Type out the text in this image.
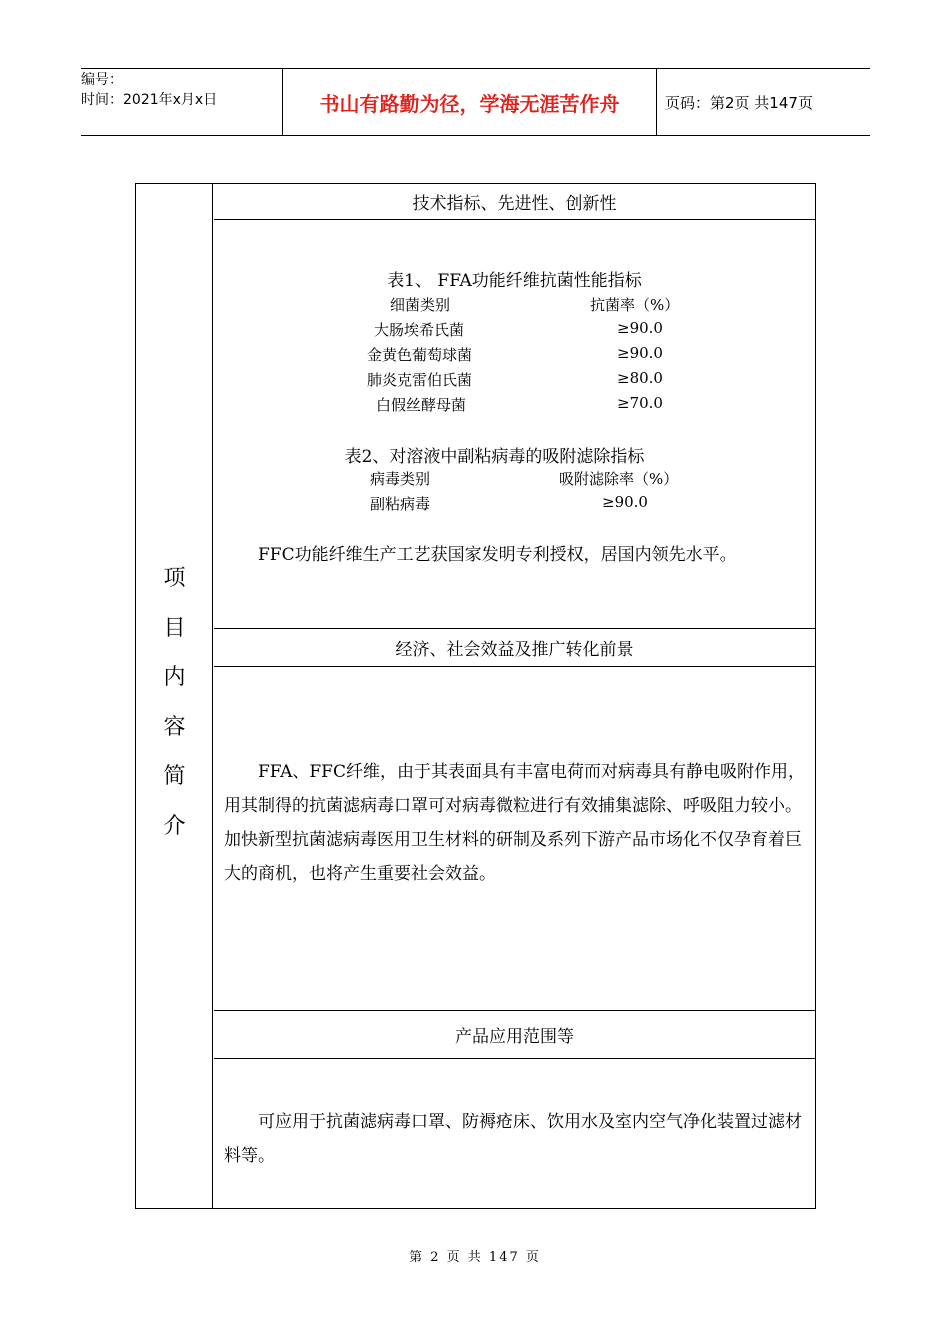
编号：
时间：2021年x月x日	书山有路勤为径，学海无涯苦作舟	页码：第2页 共147页
项
目
内
容
简
介
技术指标、先进性、创新性
表1、 FFA功能纤维抗菌性能指标
细菌类别	抗菌率（%）
大肠埃希氏菌	≥90.0
金黄色葡萄球菌	≥90.0
肺炎克雷伯氏菌	≥80.0
白假丝酵母菌	≥70.0
表2、对溶液中副粘病毒的吸附滤除指标
病毒类别	吸附滤除率（%）
副粘病毒	≥90.0
FFC功能纤维生产工艺获国家发明专利授权，居国内领先水平。
经济、社会效益及推广转化前景
FFA、FFC纤维，由于其表面具有丰富电荷而对病毒具有静电吸附作用，用其制得的抗菌滤病毒口罩可对病毒微粒进行有效捕集滤除、呼吸阻力较小。加快新型抗菌滤病毒医用卫生材料的研制及系列下游产品市场化不仅孕育着巨大的商机，也将产生重要社会效益。
产品应用范围等
可应用于抗菌滤病毒口罩、防褥疮床、饮用水及室内空气净化装置过滤材料等。
第 2 页 共 147 页
